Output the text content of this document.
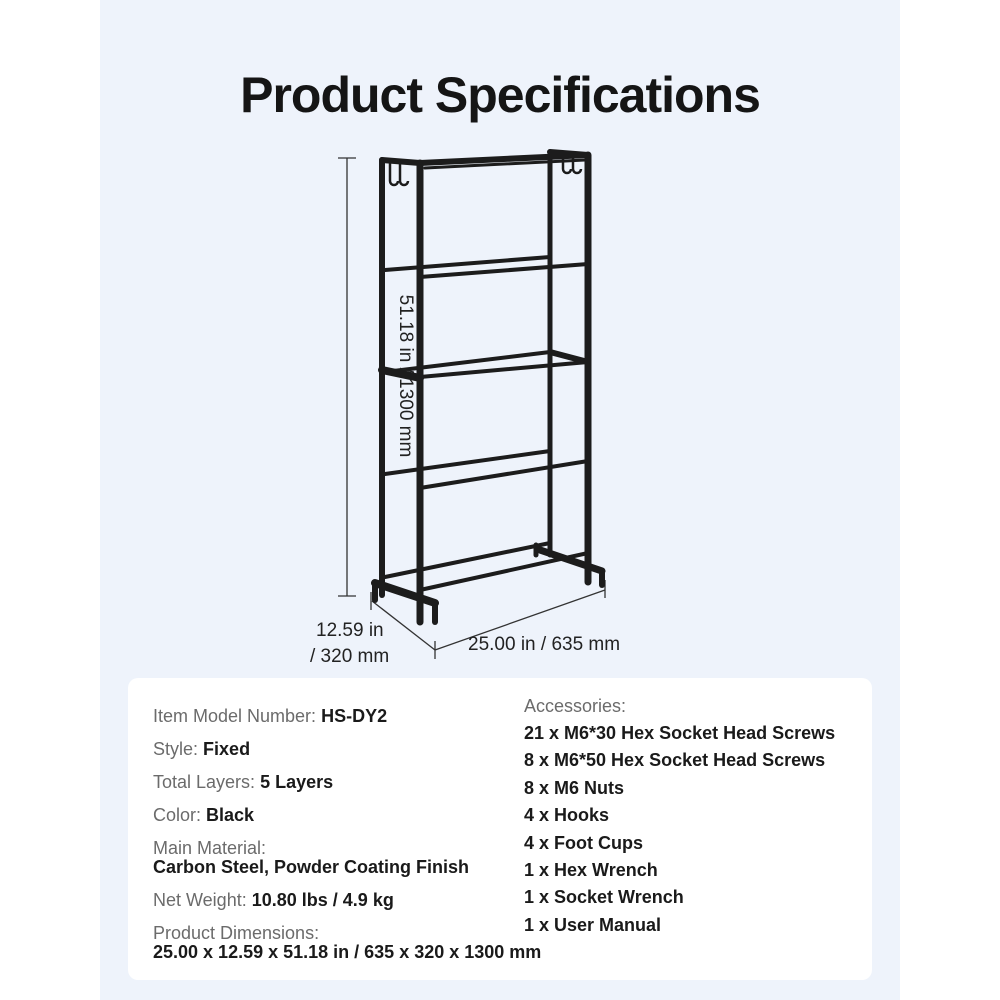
Product Specifications
51.18 in / 1300 mm
12.59 in
/ 320 mm
25.00 in / 635 mm
Item Model Number: HS-DY2
Style: Fixed
Total Layers: 5 Layers
Color: Black
Main Material:
Carbon Steel, Powder Coating Finish
Net Weight: 10.80 lbs / 4.9 kg
Product Dimensions:
25.00 x 12.59 x 51.18 in / 635 x 320 x 1300 mm
Accessories:
21 x M6*30 Hex Socket Head Screws
8 x M6*50 Hex Socket Head Screws
8 x M6 Nuts
4 x Hooks
4 x Foot Cups
1 x Hex Wrench
1 x Socket Wrench
1 x User Manual
